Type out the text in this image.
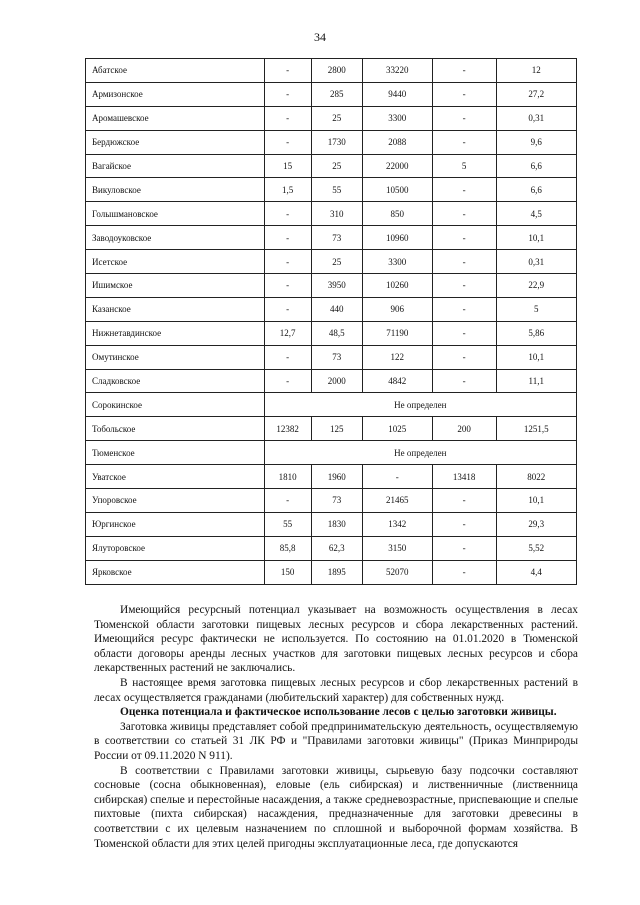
34
Абатское	-	2800	33220	-	12
Армизонское	-	285	9440	-	27,2
Аромашевское	-	25	3300	-	0,31
Бердюжское	-	1730	2088	-	9,6
Вагайское	15	25	22000	5	6,6
Викуловское	1,5	55	10500	-	6,6
Голышмановское	-	310	850	-	4,5
Заводоуковское	-	73	10960	-	10,1
Исетское	-	25	3300	-	0,31
Ишимское	-	3950	10260	-	22,9
Казанское	-	440	906	-	5
Нижнетавдинское	12,7	48,5	71190	-	5,86
Омутинское	-	73	122	-	10,1
Сладковское	-	2000	4842	-	11,1
Сорокинское	Не определен				
Тобольское	12382	125	1025	200	1251,5
Тюменское	Не определен				
Уватское	1810	1960	-	13418	8022
Упоровское	-	73	21465	-	10,1
Юргинское	55	1830	1342	-	29,3
Ялуторовское	85,8	62,3	3150	-	5,52
Ярковское	150	1895	52070	-	4,4

Имеющийся ресурсный потенциал указывает на возможность осуществления в лесах Тюменской области заготовки пищевых лесных ресурсов и сбора лекарственных растений. Имеющийся ресурс фактически не используется. По состоянию на 01.01.2020 в Тюменской области договоры аренды лесных участков для заготовки пищевых лесных ресурсов и сбора лекарственных растений не заключались.

В настоящее время заготовка пищевых лесных ресурсов и сбор лекарственных растений в лесах осуществляется гражданами (любительский характер) для собственных нужд.

Оценка потенциала и фактическое использование лесов с целью заготовки живицы.

Заготовка живицы представляет собой предпринимательскую деятельность, осуществляемую в соответствии со статьей 31 ЛК РФ и "Правилами заготовки живицы" (Приказ Минприроды России от 09.11.2020 N 911).

В соответствии с Правилами заготовки живицы, сырьевую базу подсочки составляют сосновые (сосна обыкновенная), еловые (ель сибирская) и лиственничные (лиственница сибирская) спелые и перестойные насаждения, а также средневозрастные, приспевающие и спелые пихтовые (пихта сибирская) насаждения, предназначенные для заготовки древесины в соответствии с их целевым назначением по сплошной и выборочной формам хозяйства. В Тюменской области для этих целей пригодны эксплуатационные леса, где допускаются
